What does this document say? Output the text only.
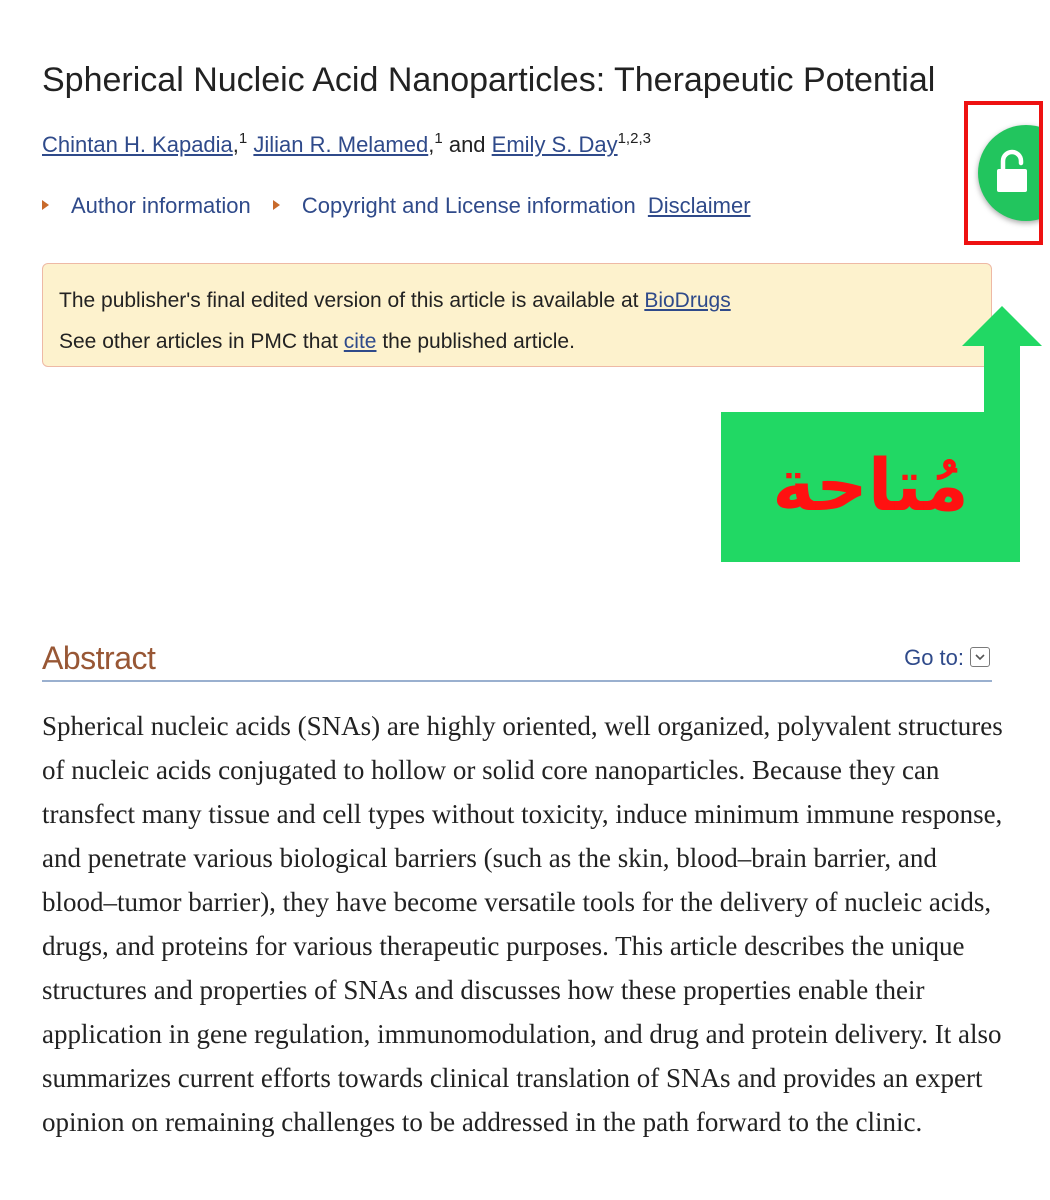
Spherical Nucleic Acid Nanoparticles: Therapeutic Potential
Chintan H. Kapadia,$^1$ Jilian R. Melamed,$^1$ and Emily S. Day$^{1,2,3}$
Author information Copyright and License information Disclaimer
The publisher's final edited version of this article is available at BioDrugs
See other articles in PMC that cite the published article.
مُتاحة
Abstract	Go to:
Spherical nucleic acids (SNAs) are highly oriented, well organized, polyvalent structures
of nucleic acids conjugated to hollow or solid core nanoparticles. Because they can
transfect many tissue and cell types without toxicity, induce minimum immune response,
and penetrate various biological barriers (such as the skin, blood–brain barrier, and
blood–tumor barrier), they have become versatile tools for the delivery of nucleic acids,
drugs, and proteins for various therapeutic purposes. This article describes the unique
structures and properties of SNAs and discusses how these properties enable their
application in gene regulation, immunomodulation, and drug and protein delivery. It also
summarizes current efforts towards clinical translation of SNAs and provides an expert
opinion on remaining challenges to be addressed in the path forward to the clinic.
